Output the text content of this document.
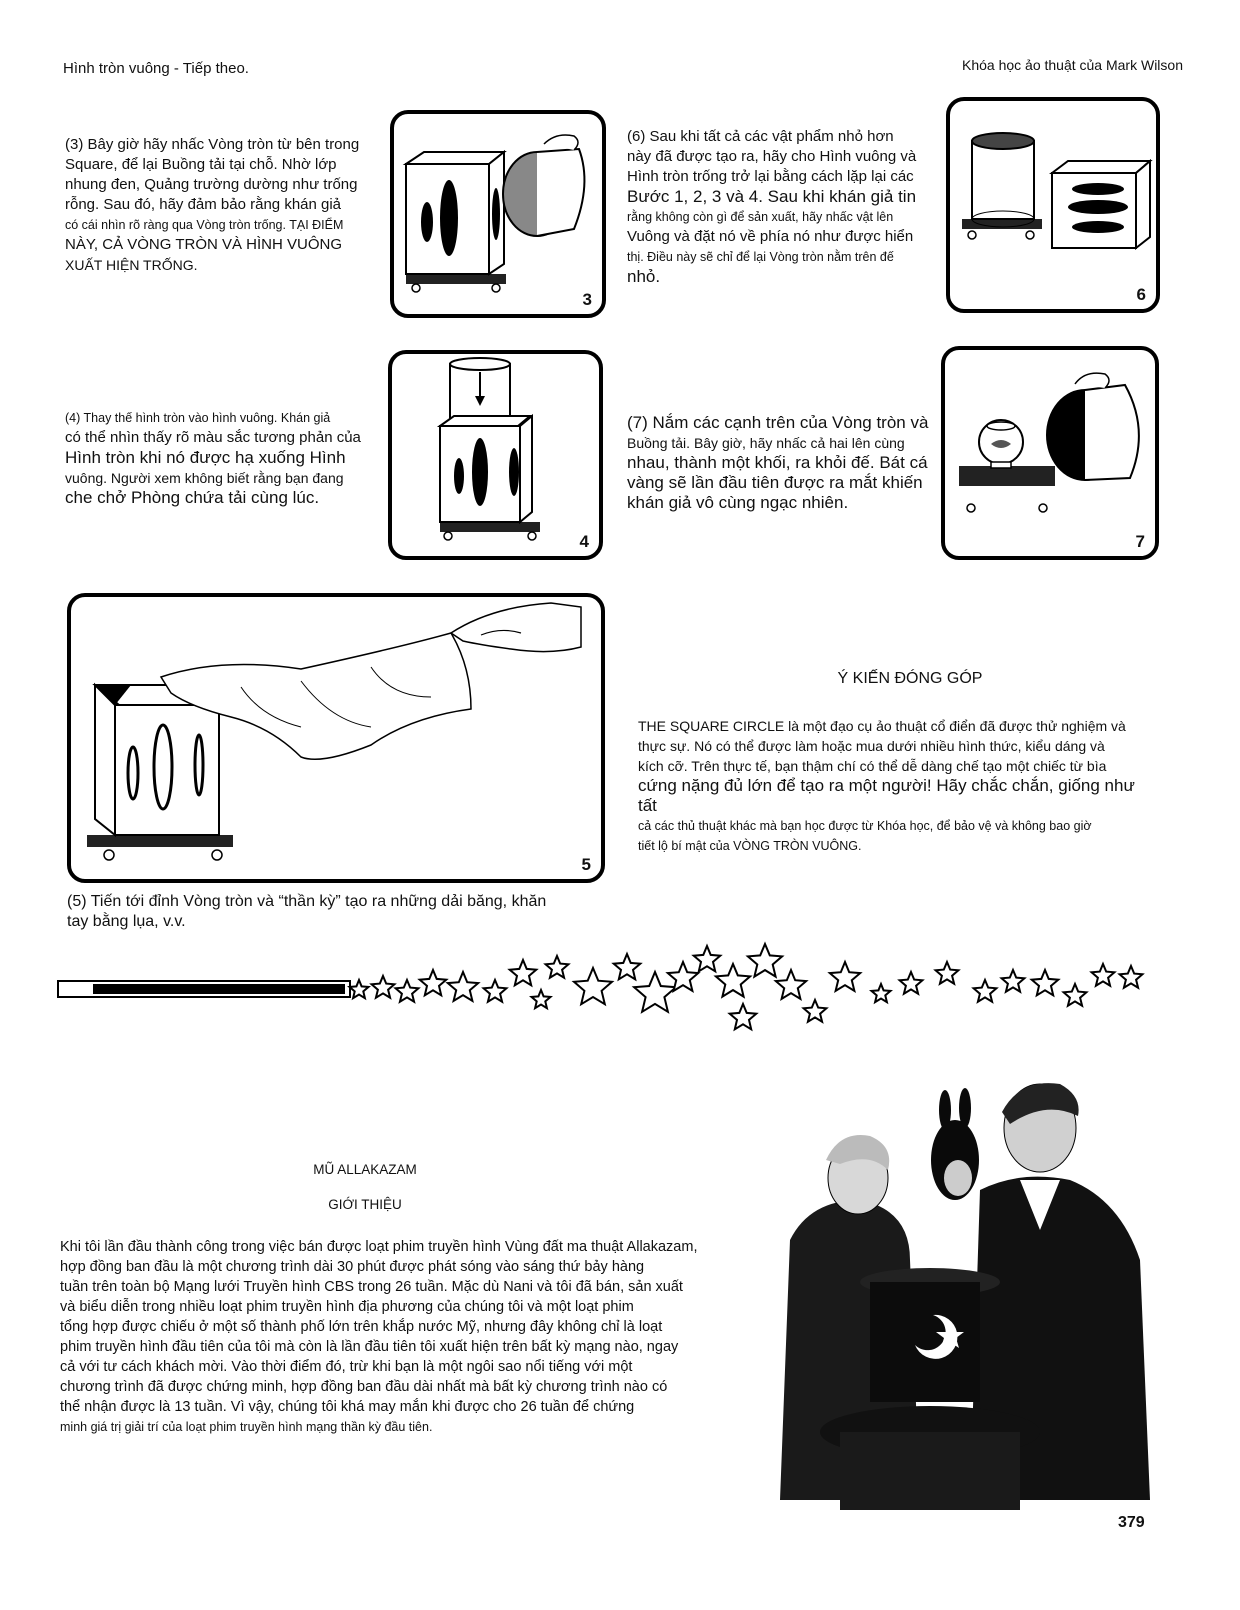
Hình tròn vuông - Tiếp theo.	Khóa học ảo thuật của Mark Wilson
(3) Bây giờ hãy nhấc Vòng tròn từ bên trong
Square, để lại Buồng tải tại chỗ. Nhờ lớp
nhung đen, Quảng trường dường như trống
rỗng. Sau đó, hãy đảm bảo rằng khán giả
có cái nhìn rõ ràng qua Vòng tròn trống. TẠI ĐIỂM
NÀY, CẢ VÒNG TRÒN VÀ HÌNH VUÔNG
XUẤT HIỆN TRỐNG.
3
(6) Sau khi tất cả các vật phẩm nhỏ hơn
này đã được tạo ra, hãy cho Hình vuông và
Hình tròn trống trở lại bằng cách lặp lại các
Bước 1, 2, 3 và 4. Sau khi khán giả tin
rằng không còn gì để sản xuất, hãy nhấc vật lên
Vuông và đặt nó về phía nó như được hiển
thị. Điều này sẽ chỉ để lại Vòng tròn nằm trên đế
nhỏ.
6
(4) Thay thế hình tròn vào hình vuông. Khán giả
có thể nhìn thấy rõ màu sắc tương phản của
Hình tròn khi nó được hạ xuống Hình
vuông. Người xem không biết rằng bạn đang
che chở Phòng chứa tải cùng lúc.
4
(7) Nắm các cạnh trên của Vòng tròn và
Buồng tải. Bây giờ, hãy nhấc cả hai lên cùng
nhau, thành một khối, ra khỏi đế. Bát cá
vàng sẽ lần đầu tiên được ra mắt khiến
khán giả vô cùng ngạc nhiên.
7
5
(5) Tiến tới đỉnh Vòng tròn và “thần kỳ” tạo ra những dải băng, khăn
tay bằng lụa, v.v.
Ý KIẾN ĐÓNG GÓP
THE SQUARE CIRCLE là một đạo cụ ảo thuật cổ điển đã được thử nghiệm và
thực sự. Nó có thể được làm hoặc mua dưới nhiều hình thức, kiểu dáng và
kích cỡ. Trên thực tế, bạn thậm chí có thể dễ dàng chế tạo một chiếc từ bìa
cứng nặng đủ lớn để tạo ra một người! Hãy chắc chắn, giống như tất
cả các thủ thuật khác mà bạn học được từ Khóa học, để bảo vệ và không bao giờ
tiết lộ bí mật của VÒNG TRÒN VUÔNG.
MŨ ALLAKAZAM
GIỚI THIỆU
Khi tôi lần đầu thành công trong việc bán được loạt phim truyền hình Vùng đất ma thuật Allakazam,
hợp đồng ban đầu là một chương trình dài 30 phút được phát sóng vào sáng thứ bảy hàng
tuần trên toàn bộ Mạng lưới Truyền hình CBS trong 26 tuần. Mặc dù Nani và tôi đã bán, sản xuất
và biểu diễn trong nhiều loạt phim truyền hình địa phương của chúng tôi và một loạt phim
tổng hợp được chiếu ở một số thành phố lớn trên khắp nước Mỹ, nhưng đây không chỉ là loạt
phim truyền hình đầu tiên của tôi mà còn là lần đầu tiên tôi xuất hiện trên bất kỳ mạng nào, ngay
cả với tư cách khách mời. Vào thời điểm đó, trừ khi bạn là một ngôi sao nổi tiếng với một
chương trình đã được chứng minh, hợp đồng ban đầu dài nhất mà bất kỳ chương trình nào có
thể nhận được là 13 tuần. Vì vậy, chúng tôi khá may mắn khi được cho 26 tuần để chứng
minh giá trị giải trí của loạt phim truyền hình mạng thần kỳ đầu tiên.
379
